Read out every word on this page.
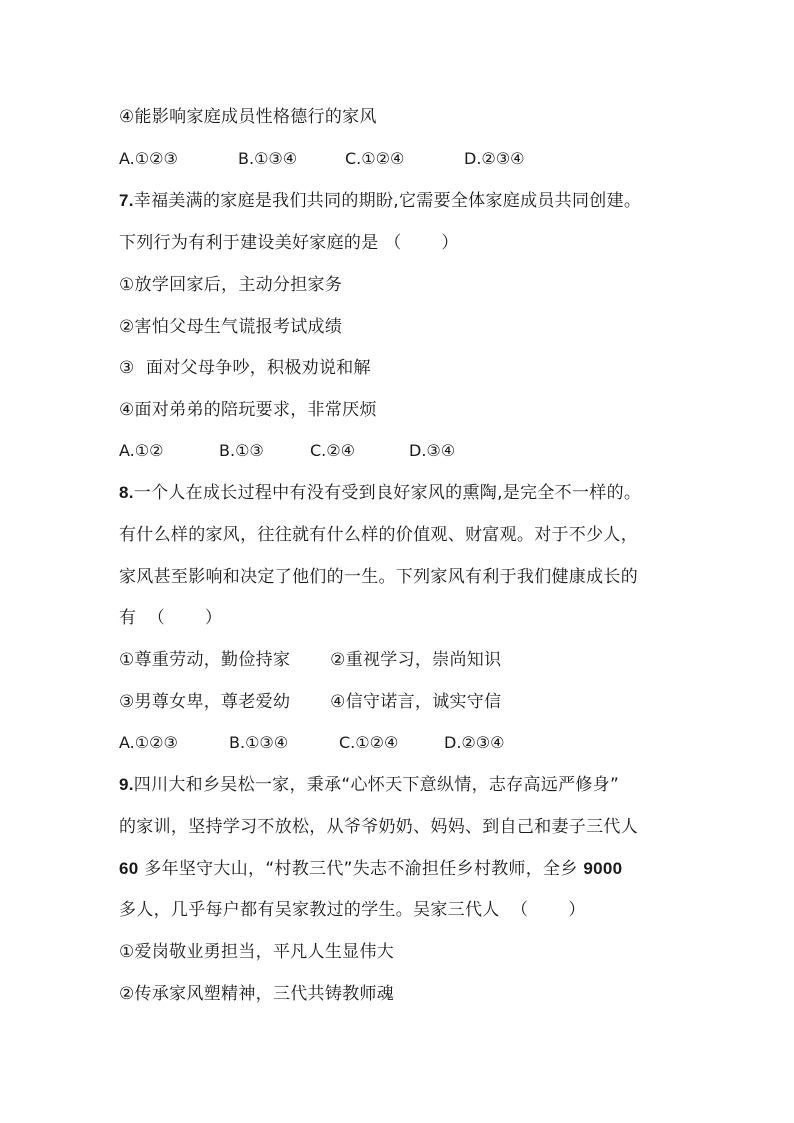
④能影响家庭成员性格德行的家风
A.①②③	B.①③④	C.①②④	D.②③④
7.幸福美满的家庭是我们共同的期盼,它需要全体家庭成员共同创建。
下列行为有利于建设美好家庭的是 （       ）
①放学回家后，主动分担家务
②害怕父母生气谎报考试成绩
③  面对父母争吵，积极劝说和解
④面对弟弟的陪玩要求，非常厌烦
A.①②	B.①③	C.②④	D.③④
8.一个人在成长过程中有没有受到良好家风的熏陶,是完全不一样的。
有什么样的家风，往往就有什么样的价值观、财富观。对于不少人，
家风甚至影响和决定了他们的一生。下列家风有利于我们健康成长的
有  （       ）
①尊重劳动，勤俭持家       ②重视学习，崇尚知识
③男尊女卑，尊老爱幼       ④信守诺言，诚实守信
A.①②③	B.①③④	C.①②④	D.②③④
9.四川大和乡吴松一家，秉承“心怀天下意纵情，志存高远严修身”
的家训，坚持学习不放松，从爷爷奶奶、妈妈、到自己和妻子三代人
60 多年坚守大山，“村教三代”失志不渝担任乡村教师，全乡 9000
多人，几乎每户都有吴家教过的学生。吴家三代人  （       ）
①爱岗敬业勇担当，平凡人生显伟大
②传承家风塑精神，三代共铸教师魂
